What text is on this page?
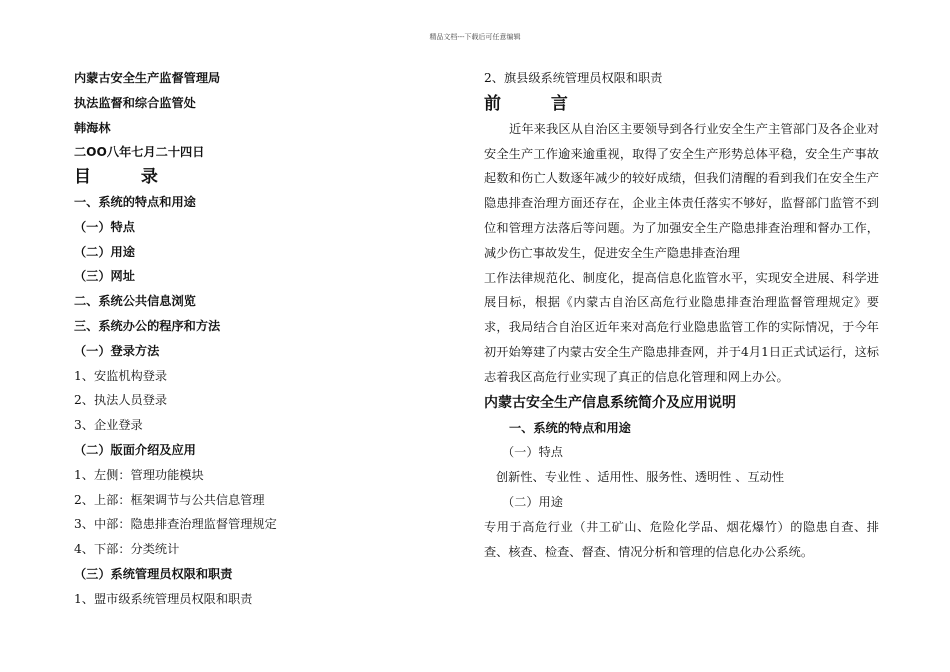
精品文档---下载后可任意编辑
内蒙古安全生产监督管理局
执法监督和综合监管处
韩海林
二OO八年七月二十四日
目 录
一、系统的特点和用途
（一）特点
（二）用途
（三）网址
二、系统公共信息浏览
三、系统办公的程序和方法
（一）登录方法
1、安监机构登录
2、执法人员登录
3、企业登录
（二）版面介绍及应用
1、左侧：管理功能模块
2、上部：框架调节与公共信息管理
3、中部：隐患排查治理监督管理规定
4、下部：分类统计
（三）系统管理员权限和职责
1、盟市级系统管理员权限和职责
2、旗县级系统管理员权限和职责
前 言
近年来我区从自治区主要领导到各行业安全生产主管部门及各企业对安全生产工作逾来逾重视，取得了安全生产形势总体平稳，安全生产事故起数和伤亡人数逐年减少的较好成绩，但我们清醒的看到我们在安全生产隐患排查治理方面还存在，企业主体责任落实不够好，监督部门监管不到位和管理方法落后等问题。为了加强安全生产隐患排查治理和督办工作，减少伤亡事故发生，促进安全生产隐患排查治理
工作法律规范化、制度化，提高信息化监管水平，实现安全进展、科学进展目标，根据《内蒙古自治区高危行业隐患排查治理监督管理规定》要求，我局结合自治区近年来对高危行业隐患监管工作的实际情况，于今年初开始筹建了内蒙古安全生产隐患排查网，并于4月1日正式试运行，这标志着我区高危行业实现了真正的信息化管理和网上办公。
内蒙古安全生产信息系统简介及应用说明
一、系统的特点和用途
（一）特点
创新性、专业性 、适用性、服务性、透明性 、互动性
（二）用途
专用于高危行业（井工矿山、危险化学品、烟花爆竹）的隐患自查、排查、核查、检查、督查、情况分析和管理的信息化办公系统。
